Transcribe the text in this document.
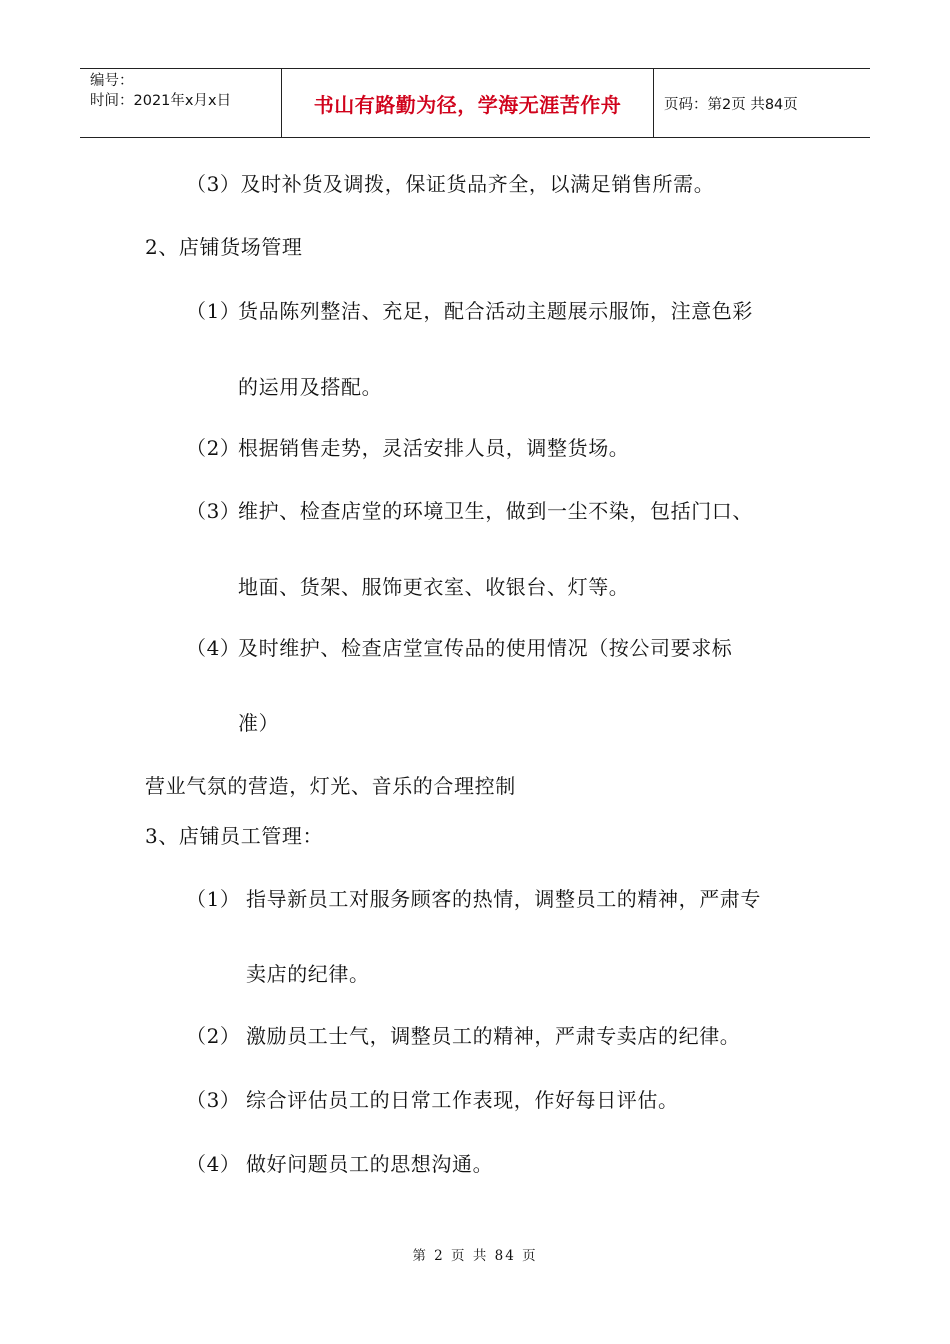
编号：
时间：2021年x月x日	书山有路勤为径，学海无涯苦作舟	页码：第2页 共84页
（3）及时补货及调拨，保证货品齐全，以满足销售所需。
2、店铺货场管理
（1）货品陈列整洁、充足，配合活动主题展示服饰，注意色彩
的运用及搭配。
（2）根据销售走势，灵活安排人员，调整货场。
（3）维护、检查店堂的环境卫生，做到一尘不染，包括门口、
地面、货架、服饰更衣室、收银台、灯等。
（4）及时维护、检查店堂宣传品的使用情况（按公司要求标
准）
营业气氛的营造，灯光、音乐的合理控制
3、店铺员工管理：
（1） 指导新员工对服务顾客的热情，调整员工的精神，严肃专
卖店的纪律。
（2） 激励员工士气，调整员工的精神，严肃专卖店的纪律。
（3） 综合评估员工的日常工作表现，作好每日评估。
（4） 做好问题员工的思想沟通。
第 2 页 共 84 页
